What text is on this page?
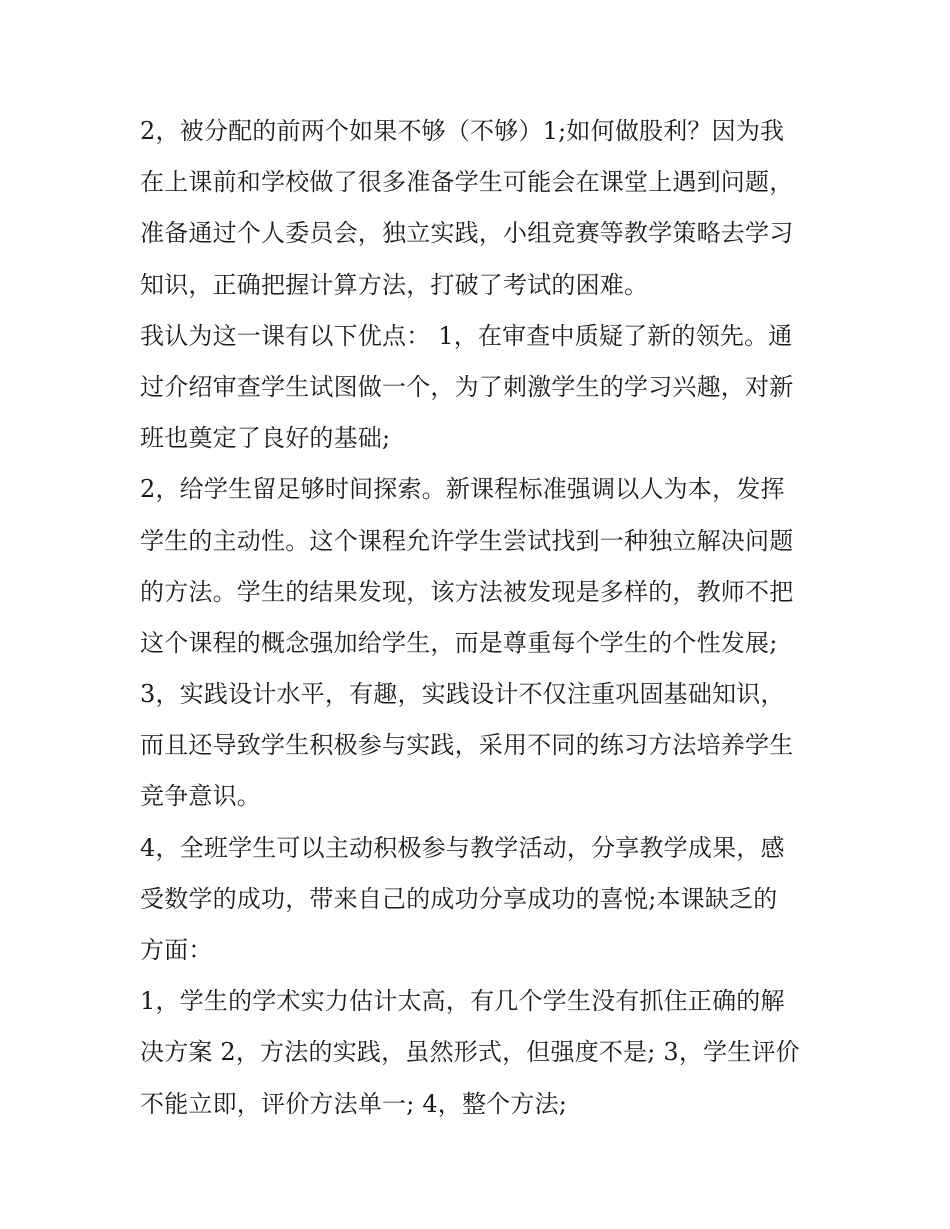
2，被分配的前两个如果不够（不够）1;如何做股利？因为我
在上课前和学校做了很多准备学生可能会在课堂上遇到问题，
准备通过个人委员会，独立实践，小组竞赛等教学策略去学习
知识，正确把握计算方法，打破了考试的困难。
我认为这一课有以下优点： 1，在审查中质疑了新的领先。通
过介绍审查学生试图做一个，为了刺激学生的学习兴趣，对新
班也奠定了良好的基础;
2，给学生留足够时间探索。新课程标准强调以人为本，发挥
学生的主动性。这个课程允许学生尝试找到一种独立解决问题
的方法。学生的结果发现，该方法被发现是多样的，教师不把
这个课程的概念强加给学生，而是尊重每个学生的个性发展;
3，实践设计水平，有趣，实践设计不仅注重巩固基础知识，
而且还导致学生积极参与实践，采用不同的练习方法培养学生
竞争意识。
4，全班学生可以主动积极参与教学活动，分享教学成果，感
受数学的成功，带来自己的成功分享成功的喜悦;本课缺乏的
方面：
1，学生的学术实力估计太高，有几个学生没有抓住正确的解
决方案 2，方法的实践，虽然形式，但强度不是; 3，学生评价
不能立即，评价方法单一; 4，整个方法;
